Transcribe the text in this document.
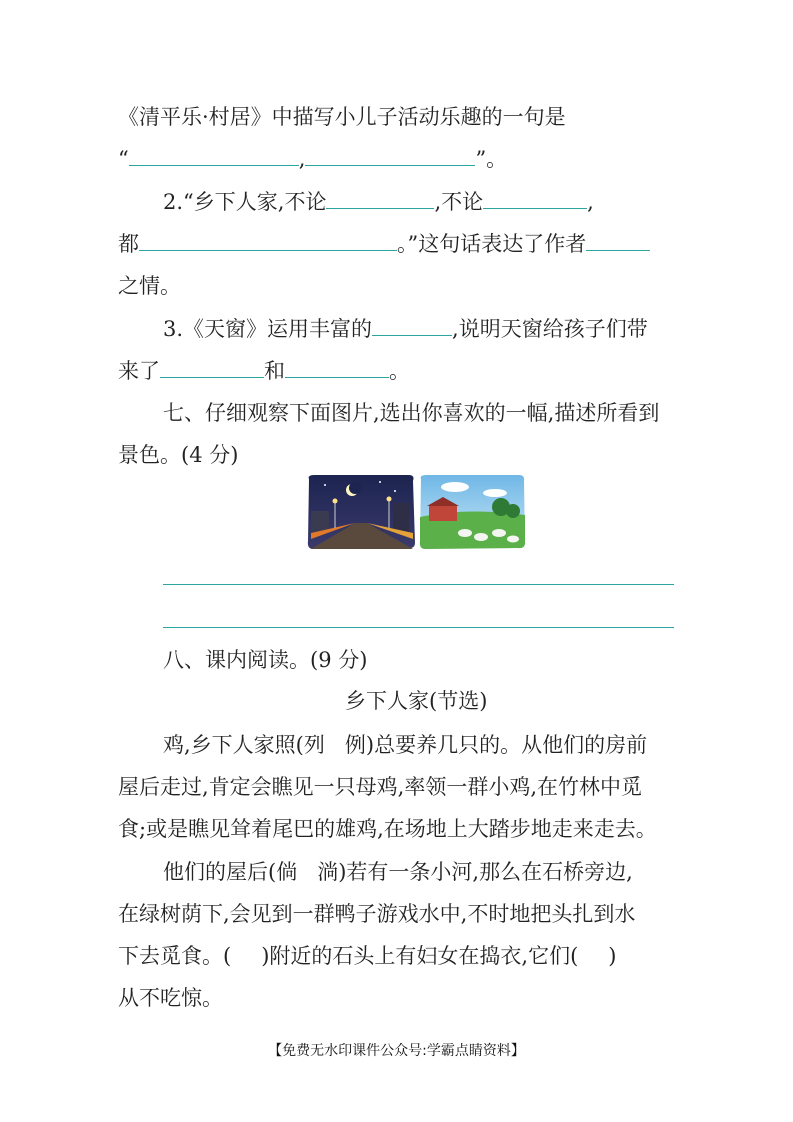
《清平乐·村居》中描写小儿子活动乐趣的一句是
“	,	”。
2.“乡下人家,不论	,不论	,
都	。”这句话表达了作者
之情。
3.《天窗》运用丰富的	,说明天窗给孩子们带
来了	和	。
七、仔细观察下面图片,选出你喜欢的一幅,描述所看到
景色。(4 分)
八、课内阅读。(9 分)
乡下人家(节选)
鸡,乡下人家照(列 例)总要养几只的。从他们的房前
屋后走过,肯定会瞧见一只母鸡,率领一群小鸡,在竹林中觅
食;或是瞧见耸着尾巴的雄鸡,在场地上大踏步地走来走去。
他们的屋后(倘 淌)若有一条小河,那么在石桥旁边,
在绿树荫下,会见到一群鸭子游戏水中,不时地把头扎到水
下去觅食。( )附近的石头上有妇女在捣衣,它们( )
从不吃惊。
【免费无水印课件公众号:学霸点睛资料】
